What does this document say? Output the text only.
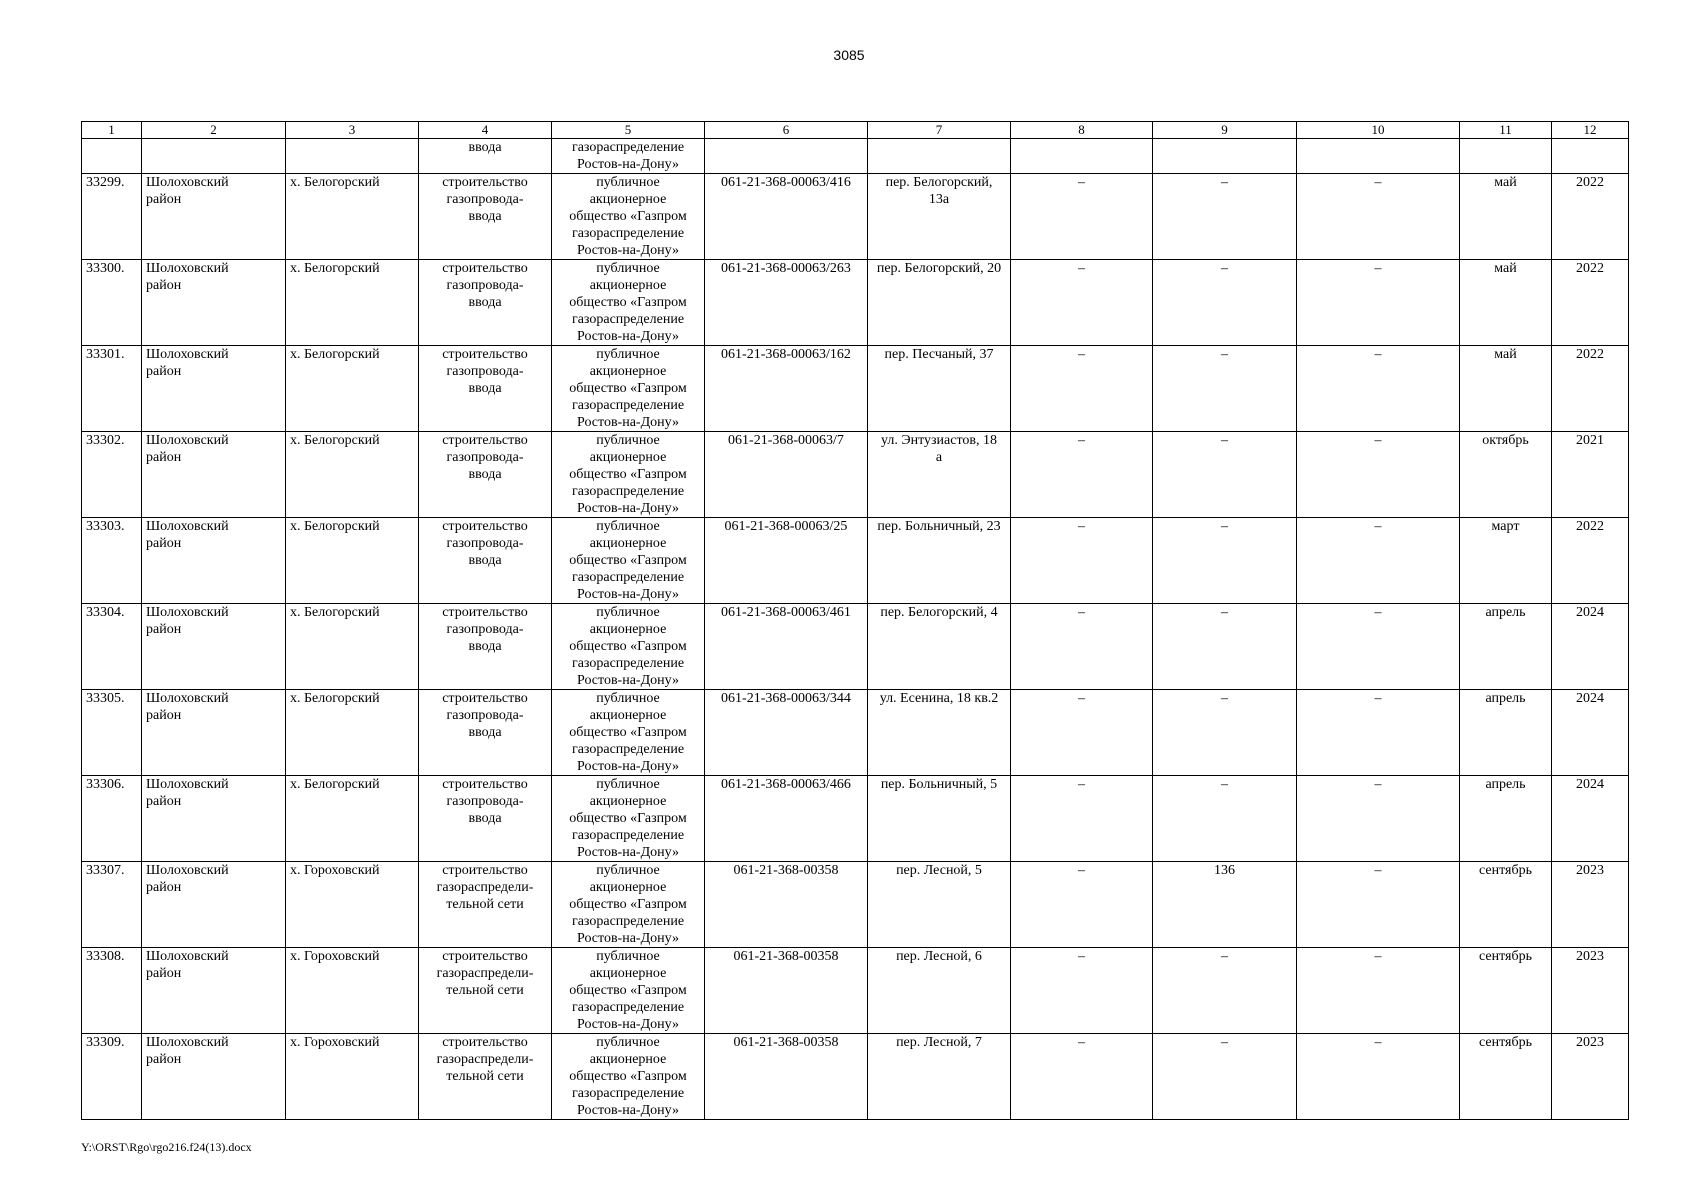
3085
1	2	3	4	5	6	7	8	9	10	11	12
			ввода	газораспределение
Ростов-на-Дону»							
33299.	Шолоховский
район	х. Белогорский	строительство
газопровода-
ввода	публичное
акционерное
общество «Газпром
газораспределение
Ростов-на-Дону»	061-21-368-00063/416	пер. Белогорский,
13а	–	–	–	май	2022
33300.	Шолоховский
район	х. Белогорский	строительство
газопровода-
ввода	публичное
акционерное
общество «Газпром
газораспределение
Ростов-на-Дону»	061-21-368-00063/263	пер. Белогорский, 20	–	–	–	май	2022
33301.	Шолоховский
район	х. Белогорский	строительство
газопровода-
ввода	публичное
акционерное
общество «Газпром
газораспределение
Ростов-на-Дону»	061-21-368-00063/162	пер. Песчаный, 37	–	–	–	май	2022
33302.	Шолоховский
район	х. Белогорский	строительство
газопровода-
ввода	публичное
акционерное
общество «Газпром
газораспределение
Ростов-на-Дону»	061-21-368-00063/7	ул. Энтузиастов, 18
а	–	–	–	октябрь	2021
33303.	Шолоховский
район	х. Белогорский	строительство
газопровода-
ввода	публичное
акционерное
общество «Газпром
газораспределение
Ростов-на-Дону»	061-21-368-00063/25	пер. Больничный, 23	–	–	–	март	2022
33304.	Шолоховский
район	х. Белогорский	строительство
газопровода-
ввода	публичное
акционерное
общество «Газпром
газораспределение
Ростов-на-Дону»	061-21-368-00063/461	пер. Белогорский, 4	–	–	–	апрель	2024
33305.	Шолоховский
район	х. Белогорский	строительство
газопровода-
ввода	публичное
акционерное
общество «Газпром
газораспределение
Ростов-на-Дону»	061-21-368-00063/344	ул. Есенина, 18 кв.2	–	–	–	апрель	2024
33306.	Шолоховский
район	х. Белогорский	строительство
газопровода-
ввода	публичное
акционерное
общество «Газпром
газораспределение
Ростов-на-Дону»	061-21-368-00063/466	пер. Больничный, 5	–	–	–	апрель	2024
33307.	Шолоховский
район	х. Гороховский	строительство
газораспредели-
тельной сети	публичное
акционерное
общество «Газпром
газораспределение
Ростов-на-Дону»	061-21-368-00358	пер. Лесной, 5	–	136	–	сентябрь	2023
33308.	Шолоховский
район	х. Гороховский	строительство
газораспредели-
тельной сети	публичное
акционерное
общество «Газпром
газораспределение
Ростов-на-Дону»	061-21-368-00358	пер. Лесной, 6	–	–	–	сентябрь	2023
33309.	Шолоховский
район	х. Гороховский	строительство
газораспредели-
тельной сети	публичное
акционерное
общество «Газпром
газораспределение
Ростов-на-Дону»	061-21-368-00358	пер. Лесной, 7	–	–	–	сентябрь	2023
Y:\ORST\Rgo\rgo216.f24(13).docx
